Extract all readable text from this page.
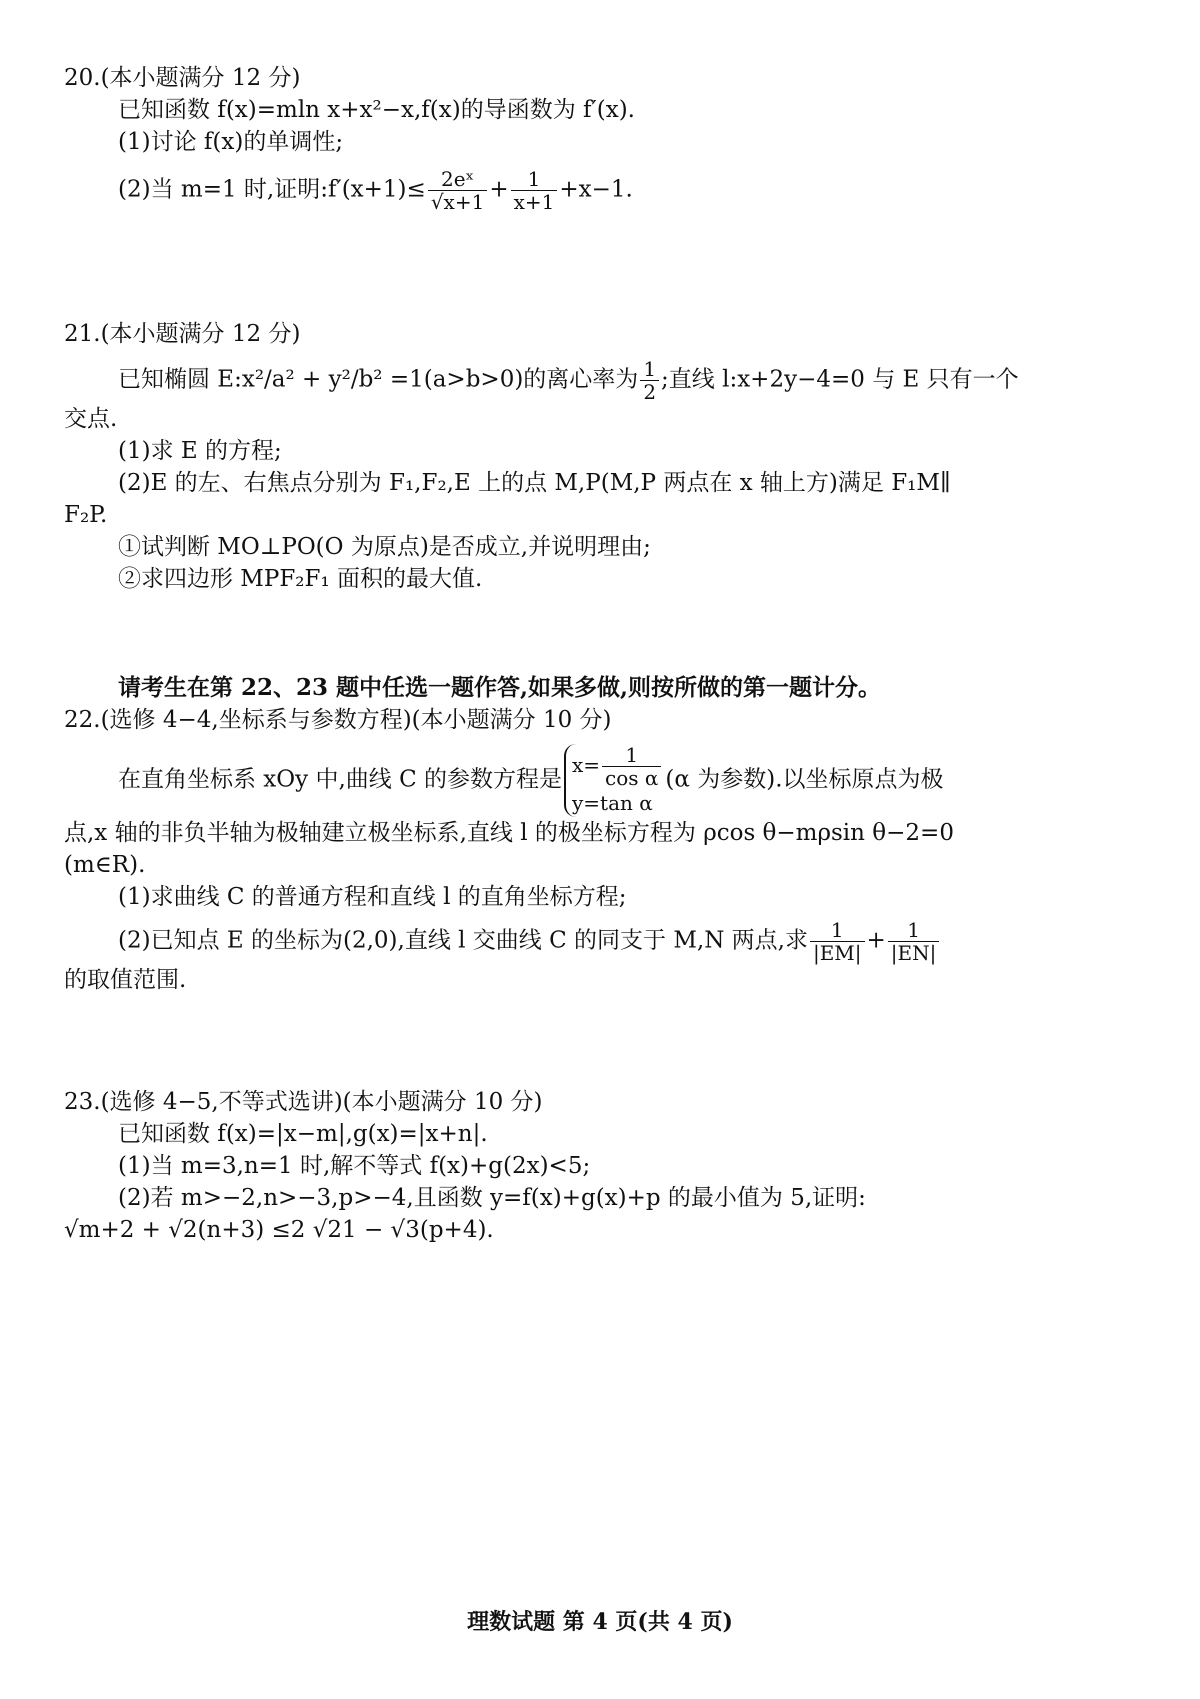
20.(本小题满分 12 分)
已知函数 f(x)=mln x+x²−x,f(x)的导函数为 f′(x).
(1)讨论 f(x)的单调性;
(2)当 m=1 时,证明:f′(x+1)≤ $\frac{\text{2eˣ}}{√x+1} + \frac{1}{x+1} +x-1$.
21.(本小题满分 12 分)
已知椭圆 E:x²/a² + y²/b² =1(a>b>0)的离心率为 $\frac{1}{2}$ ;直线 l:x+2y−4=0 与 E 只有一个
交点.
(1)求 E 的方程;
(2)E 的左、右焦点分别为 F₁,F₂,E 上的点 M,P(M,P 两点在 x 轴上方)满足 F₁M∥
F₂P.
①试判断 MO⊥PO(O 为原点)是否成立,并说明理由;
②求四边形 MPF₂F₁ 面积的最大值.
请考生在第 22、23 题中任选一题作答,如果多做,则按所做的第一题计分。
22.(选修 4−4,坐标系与参数方程)(本小题满分 10 分)
在直角坐标系 xOy 中,曲线 C 的参数方程是
$x= \frac{1}{\text{cos α}}$
y=tan α
(α 为参数).以坐标原点为极
点,x 轴的非负半轴为极轴建立极坐标系,直线 l 的极坐标方程为 ρcos θ−mρsin θ−2=0
(m∈R).
(1)求曲线 C 的普通方程和直线 l 的直角坐标方程;
(2)已知点 E 的坐标为(2,0),直线 l 交曲线 C 的同支于 M,N 两点,求 $\frac{1}{|EM|} + \frac{1}{|EN|}$
的取值范围.
23.(选修 4−5,不等式选讲)(本小题满分 10 分)
已知函数 f(x)=|x−m|,g(x)=|x+n|.
(1)当 m=3,n=1 时,解不等式 f(x)+g(2x)<5;
(2)若 m>−2,n>−3,p>−4,且函数 y=f(x)+g(x)+p 的最小值为 5,证明:
√m+2 + √2(n+3) ≤2 √21 − √3(p+4).
理数试题 第 4 页(共 4 页)
